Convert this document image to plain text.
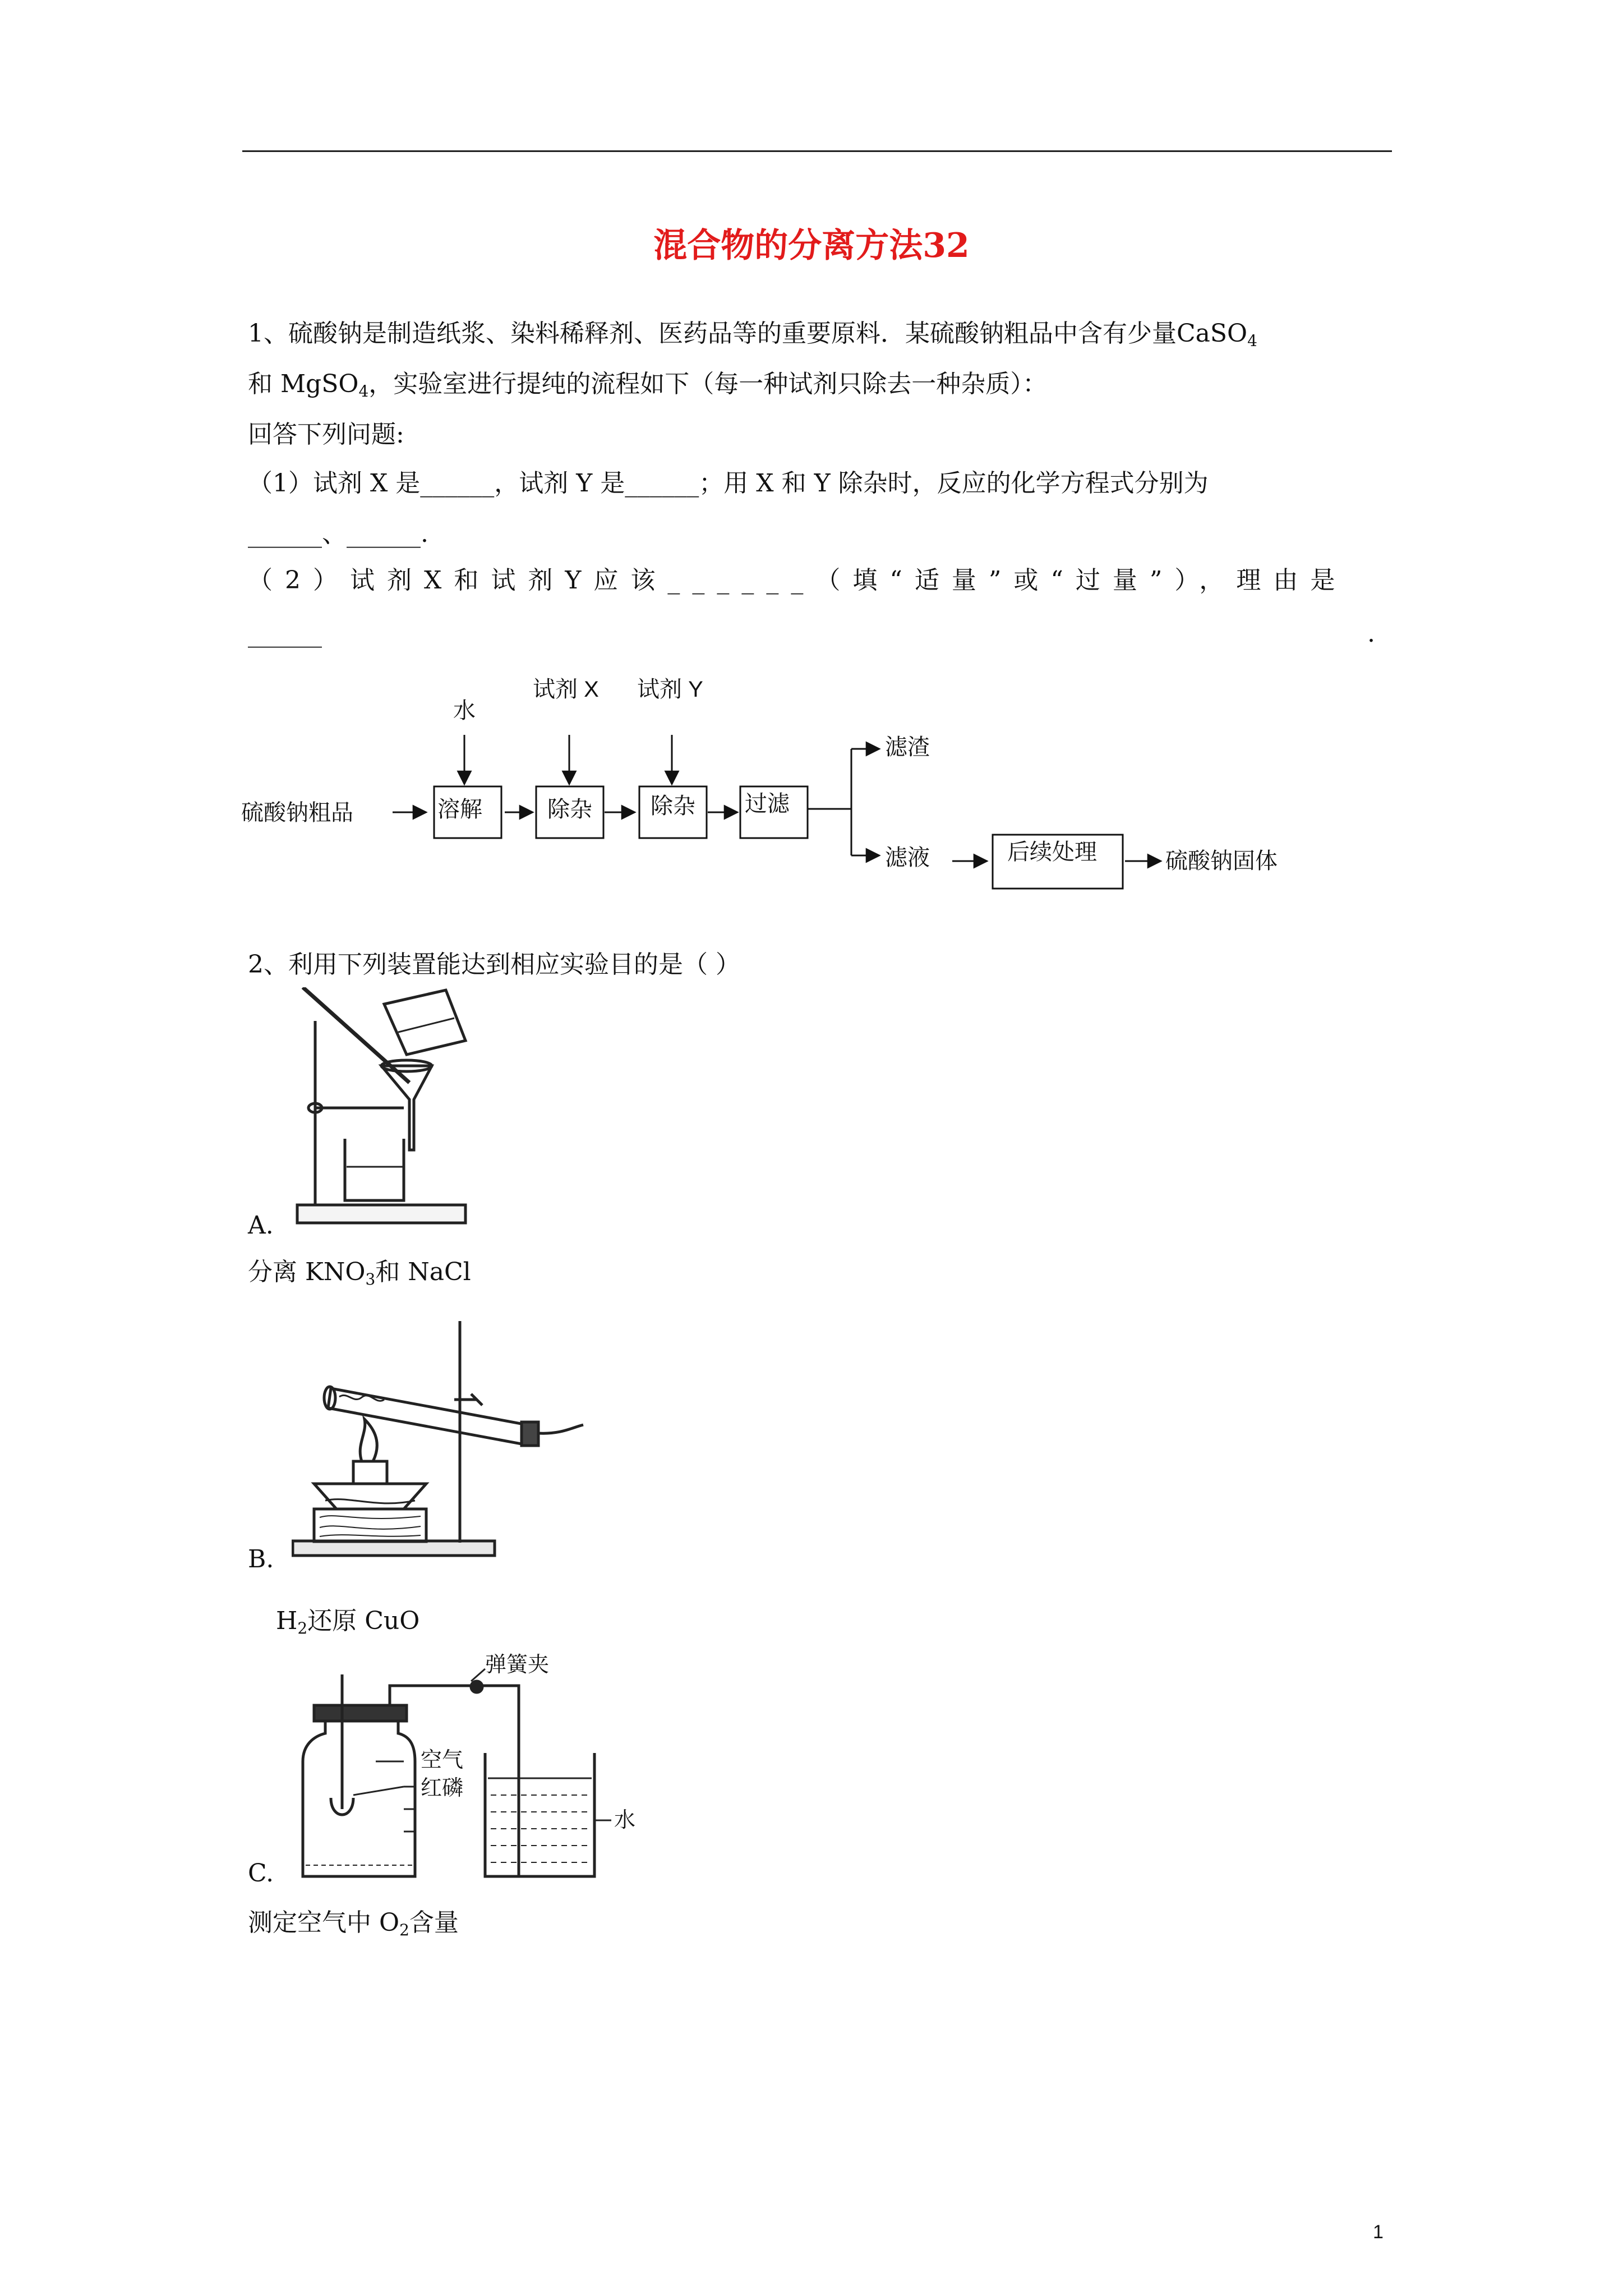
混合物的分离方法32
1、硫酸钠是制造纸浆、染料稀释剂、医药品等的重要原料．某硫酸钠粗品中含有少量CaSO$_4$
和 MgSO$_4$，实验室进行提纯的流程如下（每一种试剂只除去一种杂质）：
回答下列问题:
（1）试剂 X 是______，试剂 Y 是______；用 X 和 Y 除杂时，反应的化学方程式分别为
______、______.
（2）试剂X和试剂Y应该______（填“适量”或“过量”），理由是
______	.
硫酸钠粗品
水
试剂 X 试剂 Y
溶解	除杂	除杂 过滤
滤渣
滤液	后续处理	硫酸钠固体
2、利用下列装置能达到相应实验目的是（ ）
A.
分离 $KNO_3$和 NaCl
B.
$H_2$还原 CuO
弹簧夹
空气
红磷
水
C.
测定空气中 $O_2$含量
1
